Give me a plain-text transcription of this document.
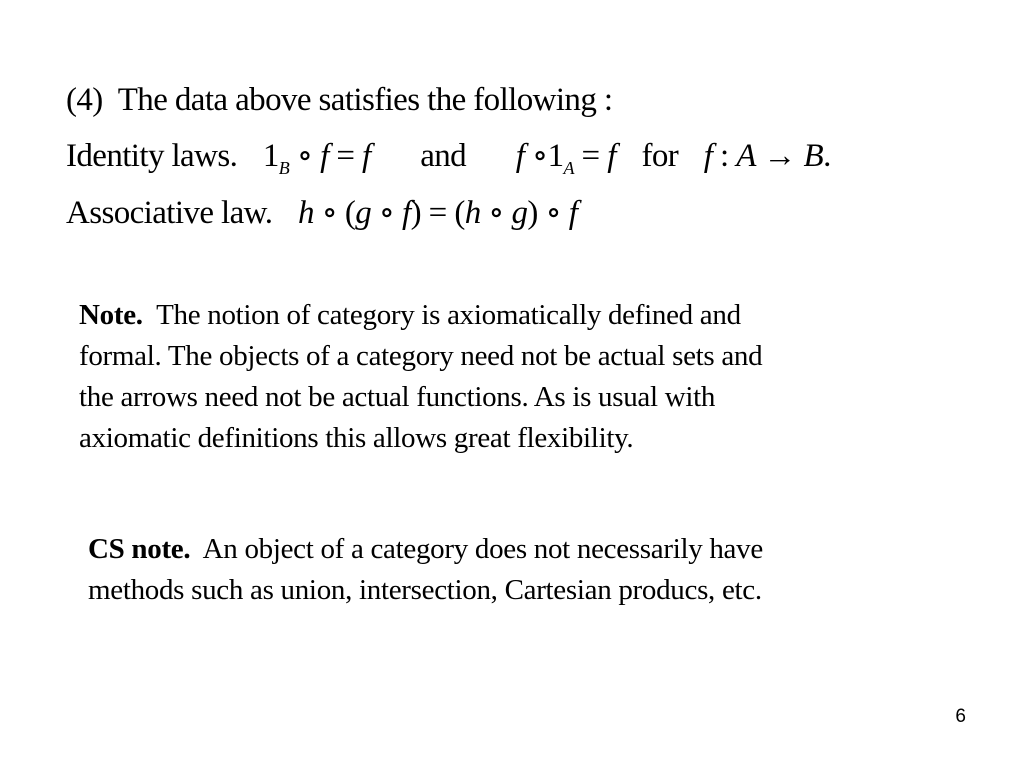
(4) The data above satisfies the following :
Identity laws. $1_B$ ∘ f = f and f $\circ 1_A = f$ for f : A → B.
Associative law. h ∘ (g ∘ f) = (h ∘ g) ∘ f
Note. The notion of category is axiomatically defined and
formal. The objects of a category need not be actual sets and
the arrows need not be actual functions. As is usual with
axiomatic definitions this allows great flexibility.
CS note. An object of a category does not necessarily have
methods such as union, intersection, Cartesian producs, etc.
6
